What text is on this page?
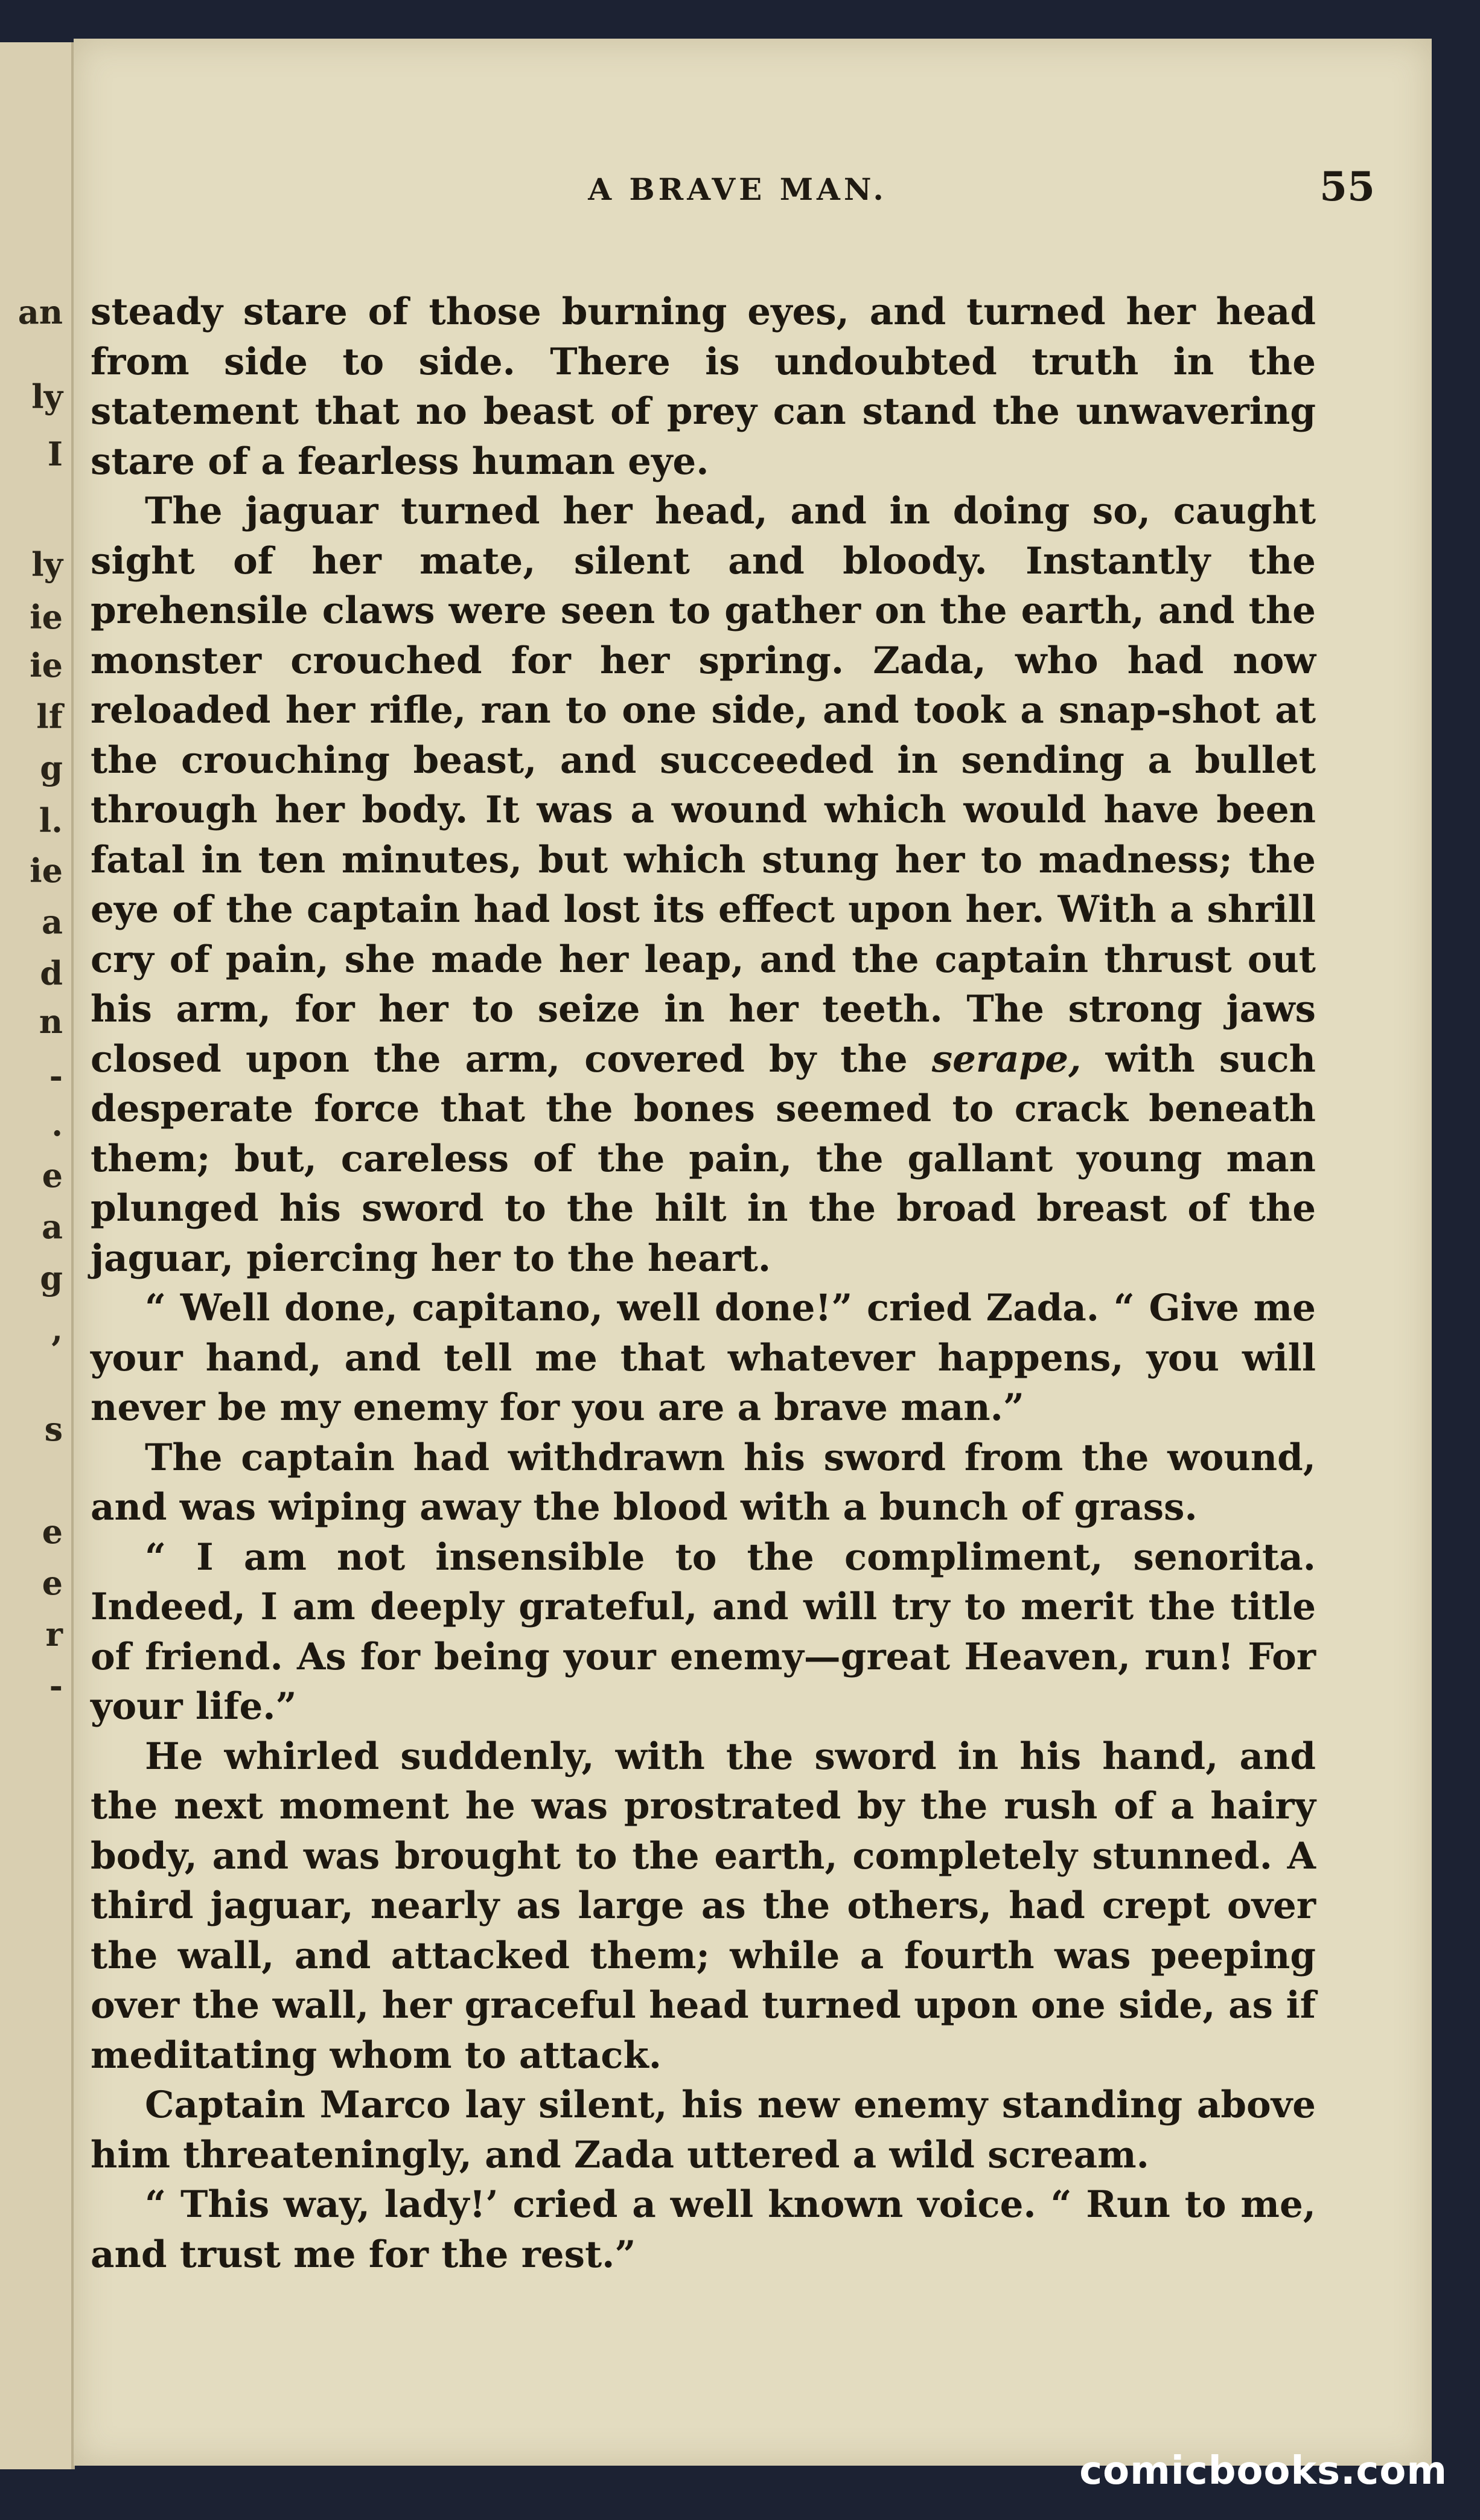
an
ly
I
ly
ie
ie
lf
g
l.
ie
a
d
n
-
.
e
a
g
,
s
e
e
r
-
A BRAVE MAN.	55

steady stare of those burning eyes, and turned her head from side to side. There is undoubted truth in the statement that no beast of prey can stand the unwavering stare of a fearless human eye.

The jaguar turned her head, and in doing so, caught sight of her mate, silent and bloody. Instantly the prehensile claws were seen to gather on the earth, and the monster crouched for her spring. Zada, who had now reloaded her rifle, ran to one side, and took a snap-shot at the crouching beast, and succeeded in sending a bullet through her body. It was a wound which would have been fatal in ten minutes, but which stung her to madness; the eye of the captain had lost its effect upon her. With a shrill cry of pain, she made her leap, and the captain thrust out his arm, for her to seize in her teeth. The strong jaws closed upon the arm, covered by the serape, with such desperate force that the bones seemed to crack beneath them; but, careless of the pain, the gallant young man plunged his sword to the hilt in the broad breast of the jaguar, piercing her to the heart.

“ Well done, capitano, well done!” cried Zada. “ Give me your hand, and tell me that whatever happens, you will never be my enemy for you are a brave man.”

The captain had withdrawn his sword from the wound, and was wiping away the blood with a bunch of grass.

“ I am not insensible to the compliment, senorita. Indeed, I am deeply grateful, and will try to merit the title of friend. As for being your enemy—great Heaven, run! For your life.”

He whirled suddenly, with the sword in his hand, and the next moment he was prostrated by the rush of a hairy body, and was brought to the earth, completely stunned. A third jaguar, nearly as large as the others, had crept over the wall, and attacked them; while a fourth was peeping over the wall, her graceful head turned upon one side, as if meditating whom to attack.

Captain Marco lay silent, his new enemy standing above him threateningly, and Zada uttered a wild scream.

“ This way, lady!’ cried a well known voice. “ Run to me, and trust me for the rest.”

comicbooks.com
